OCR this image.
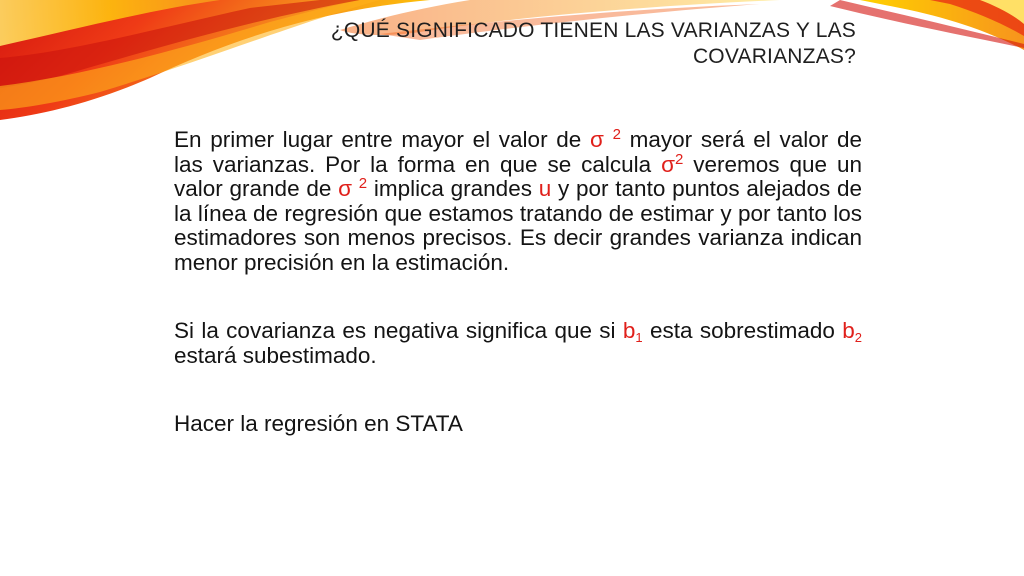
¿QUÉ SIGNIFICADO TIENEN LAS VARIANZAS Y LAS
COVARIANZAS?

En primer lugar entre mayor el valor de σ $^2$ mayor será el valor de las varianzas. Por la forma en que se calcula $\sigma^2$ veremos que un valor grande de σ $^2$ implica grandes u y por tanto puntos alejados de la línea de regresión que estamos tratando de estimar y por tanto los estimadores son menos precisos. Es decir grandes varianza indican menor precisión en la estimación.

Si la covarianza es negativa significa que si $b_1$ esta sobrestimado $b_2$ estará subestimado.

Hacer la regresión en STATA
